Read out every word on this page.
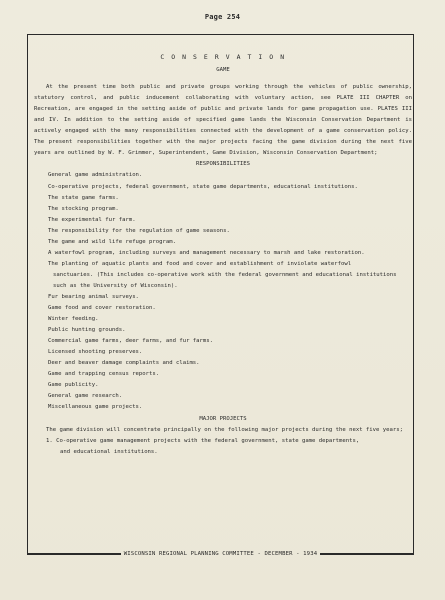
Page 254

C O N S E R V A T I O N

GAME

At the present time both public and private groups working through the vehicles of public ownership, statutory control, and public inducement collaborating with voluntary action, see PLATE III CHAPTER on Recreation, are engaged in the setting aside of public and private lands for game propagation use. PLATES III and IV. In addition to the setting aside of specified game lands the Wisconsin Conservation Department is actively engaged with the many responsibilities connected with the development of a game conservation policy. The present responsibilities together with the major projects facing the game division during the next five years are outlined by W. F. Grimmer, Superintendent, Game Division, Wisconsin Conservation Department;

RESPONSIBILITIES

General game administration.
Co-operative projects, federal government, state game departments, educational institutions.
The state game farms.
The stocking program.
The experimental fur farm.
The responsibility for the regulation of game seasons.
The game and wild life refuge program.
A waterfowl program, including surveys and management necessary to marsh and lake restoration.
The planting of aquatic plants and food and cover and establishment of inviolate waterfowl
sanctuaries. (This includes co-operative work with the federal government and educational institutions such as the University of Wisconsin).
Fur bearing animal surveys.
Game food and cover restoration.
Winter feeding.
Public hunting grounds.
Commercial game farms, deer farms, and fur farms.
Licensed shooting preserves.
Deer and beaver damage complaints and claims.
Game and trapping census reports.
Game publicity.
General game research.
Miscellaneous game projects.

MAJOR PROJECTS

The game division will concentrate principally on the following major projects during the next five years;

1. Co-operative game management projects with the federal government, state game departments,
and educational institutions.

WISCONSIN REGIONAL PLANNING COMMITTEE - DECEMBER - 1934
